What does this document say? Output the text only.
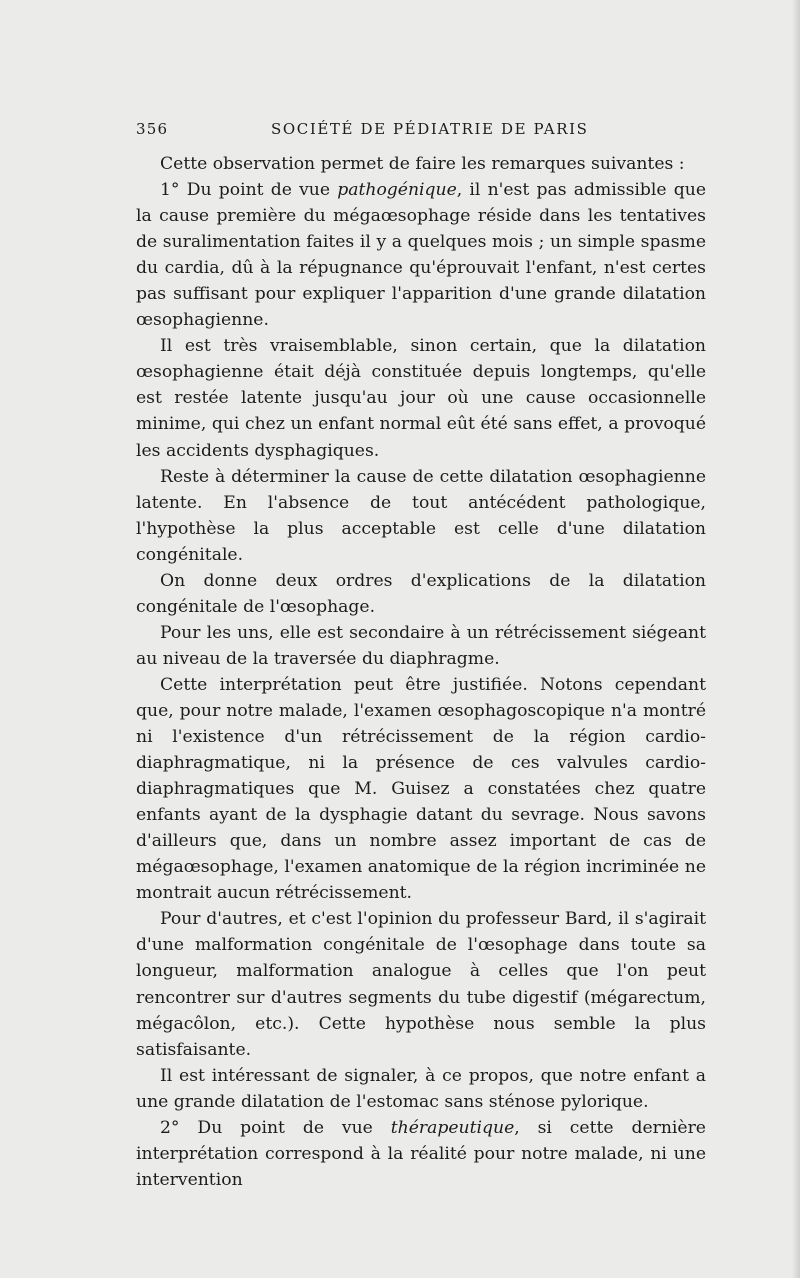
356	SOCIÉTÉ DE PÉDIATRIE DE PARIS

Cette observation permet de faire les remarques suivantes :

1° Du point de vue pathogénique, il n'est pas admissible que la cause première du mégaœsophage réside dans les tentatives de suralimentation faites il y a quelques mois ; un simple spasme du cardia, dû à la répugnance qu'éprouvait l'enfant, n'est certes pas suffisant pour expliquer l'apparition d'une grande dilatation œsophagienne.

Il est très vraisemblable, sinon certain, que la dilatation œsophagienne était déjà constituée depuis longtemps, qu'elle est restée latente jusqu'au jour où une cause occasionnelle minime, qui chez un enfant normal eût été sans effet, a provoqué les accidents dysphagiques.

Reste à déterminer la cause de cette dilatation œsophagienne latente. En l'absence de tout antécédent pathologique, l'hypothèse la plus acceptable est celle d'une dilatation congénitale.

On donne deux ordres d'explications de la dilatation congénitale de l'œsophage.

Pour les uns, elle est secondaire à un rétrécissement siégeant au niveau de la traversée du diaphragme.

Cette interprétation peut être justifiée. Notons cependant que, pour notre malade, l'examen œsophagoscopique n'a montré ni l'existence d'un rétrécissement de la région cardio-diaphragmatique, ni la présence de ces valvules cardio-diaphragmatiques que M. Guisez a constatées chez quatre enfants ayant de la dysphagie datant du sevrage. Nous savons d'ailleurs que, dans un nombre assez important de cas de mégaœsophage, l'examen anatomique de la région incriminée ne montrait aucun rétrécissement.

Pour d'autres, et c'est l'opinion du professeur Bard, il s'agirait d'une malformation congénitale de l'œsophage dans toute sa longueur, malformation analogue à celles que l'on peut rencontrer sur d'autres segments du tube digestif (mégarectum, mégacôlon, etc.). Cette hypothèse nous semble la plus satisfaisante.

Il est intéressant de signaler, à ce propos, que notre enfant a une grande dilatation de l'estomac sans sténose pylorique.

2° Du point de vue thérapeutique, si cette dernière interprétation correspond à la réalité pour notre malade, ni une intervention
